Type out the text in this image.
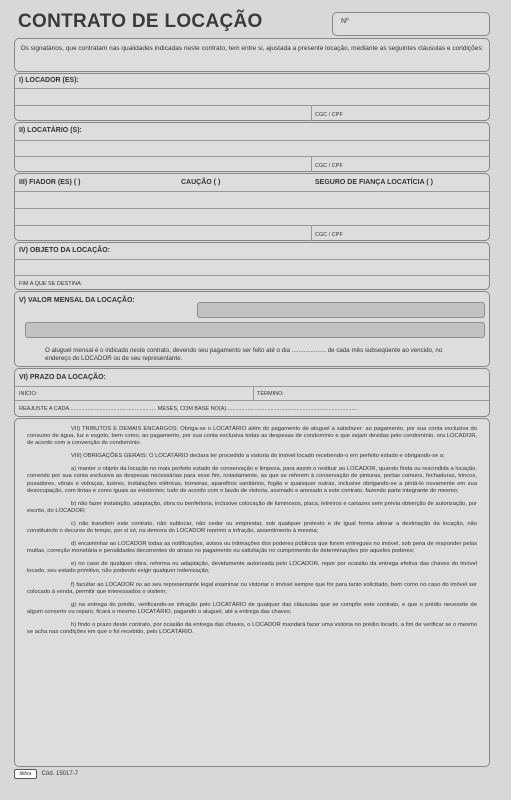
CONTRATO DE LOCAÇÃO	Nº
Os signatários, que contratam nas qualidades indicadas neste contrato, tem entre si, ajustada a presente locação, mediante as seguintes cláusulas e condições:
I) LOCADOR (ES):
CGC / CPF
II) LOCATÁRIO (S):
CGC / CPF
III) FIADOR (ES) ( )	CAUÇÃO ( )	SEGURO DE FIANÇA LOCATÍCIA ( )
CGC / CPF
IV) OBJETO DA LOCAÇÃO:
FIM A QUE SE DESTINA:
V) VALOR MENSAL DA LOCAÇÃO:
O aluguel mensal é o indicado neste contrato, devendo seu pagamento ser feito até o dia .................... de cada mês subseqüente ao vencido, no endereço do LOCADOR ou de seu representante.
VI) PRAZO DA LOCAÇÃO:
INÍCIO:	TÉRMINO:
REAJUSTE A CADA......................................................... MESES, COM BASE NO(A)......................................................................................

VII) TRIBUTOS E DEMAIS ENCARGOS: Obriga-se o LOCATÁRIO além do pagamento de aluguel a satisfazer: ao pagamento, por sua conta exclusiva do consumo de água, luz e esgoto, bem como, ao pagamento, por sua conta exclusiva todas as despesas de condomínio e que sejam devidas pelo condomínio, ora LOCADOR, de acordo com a convenção do condomínio.

VIII) OBRIGAÇÕES GERAIS: O LOCATÁRIO declara ter procedido a vistoria do imóvel locado recebendo-o em perfeito estado e obrigando-se a:

a) manter o objeto da locação no mais perfeito estado de conservação e limpeza, para assim o restituir ao LOCADOR, quando finda ou rescindida a locação, correndo por sua conta exclusiva as despesas necessárias para esse fim, notadamente, as que se referem à conservação de pinturas, portas comuns, fechaduras, trincos, puxadores, vitrais e vidraças, lustres, instalações elétricas, torneiras, aparelhos sanitários, fogão e quaisquer outras, inclusive obrigando-se a pintá-lo novamente em sua desocupação, com tintas e cores iguais as existentes; tudo de acordo com o laudo de vistoria, assinado e anexado a este contrato, fazendo parte integrante do mesmo;

b) não fazer instalação, adaptação, obra ou benfeitoria, inclusive colocação de luminosos, placa, letreiros e cartazes sem prévia obtenção de autorização, por escrito, do LOCADOR;

c) não transferir este contrato, não sublocar, não ceder ou emprestar, sob qualquer pretexto e de igual forma alterar a destinação da locação, não constituindo o decurso do tempo, por si só, na demora do LOCADOR reprimir a infração, assentimento à mesma;

d) encaminhar ao LOCADOR todas as notificações, avisos ou intimações dos poderes públicos que forem entregues no imóvel, sob pena de responder pelas multas, correção monetária e penalidades decorrentes do atraso no pagamento ou satisfação no cumprimento de determinações por aqueles poderes;

e) no caso de qualquer obra, reforma ou adaptação, devidamente autorizada pelo LOCADOR, repor por ocasião da entrega efetiva das chaves do imóvel locado, seu estado primitivo, não podendo exigir qualquer indenização;

f) facultar ao LOCADOR ou ao seu representante legal examinar ou vistoriar o imóvel sempre que for para tanto solicitado, bem como no caso do imóvel ser colocado à venda, permitir que interessados o visitem;

g) na entrega do prédio, verificando-se infração pelo LOCATÁRIO de qualquer das cláusulas que se compõe este contrato, e que o prédio necessite de algum conserto ou reparo, ficará o mesmo LOCATÁRIO, pagando o aluguel, até a entrega das chaves;

h) findo o prazo deste contrato, por ocasião da entrega das chaves, o LOCADOR mandará fazer uma vistoria no prédio locado, a fim de verificar se o mesmo se acha nas condições em que o foi recebido, pelo LOCATÁRIO.

tilibra Cód. 15017-7
